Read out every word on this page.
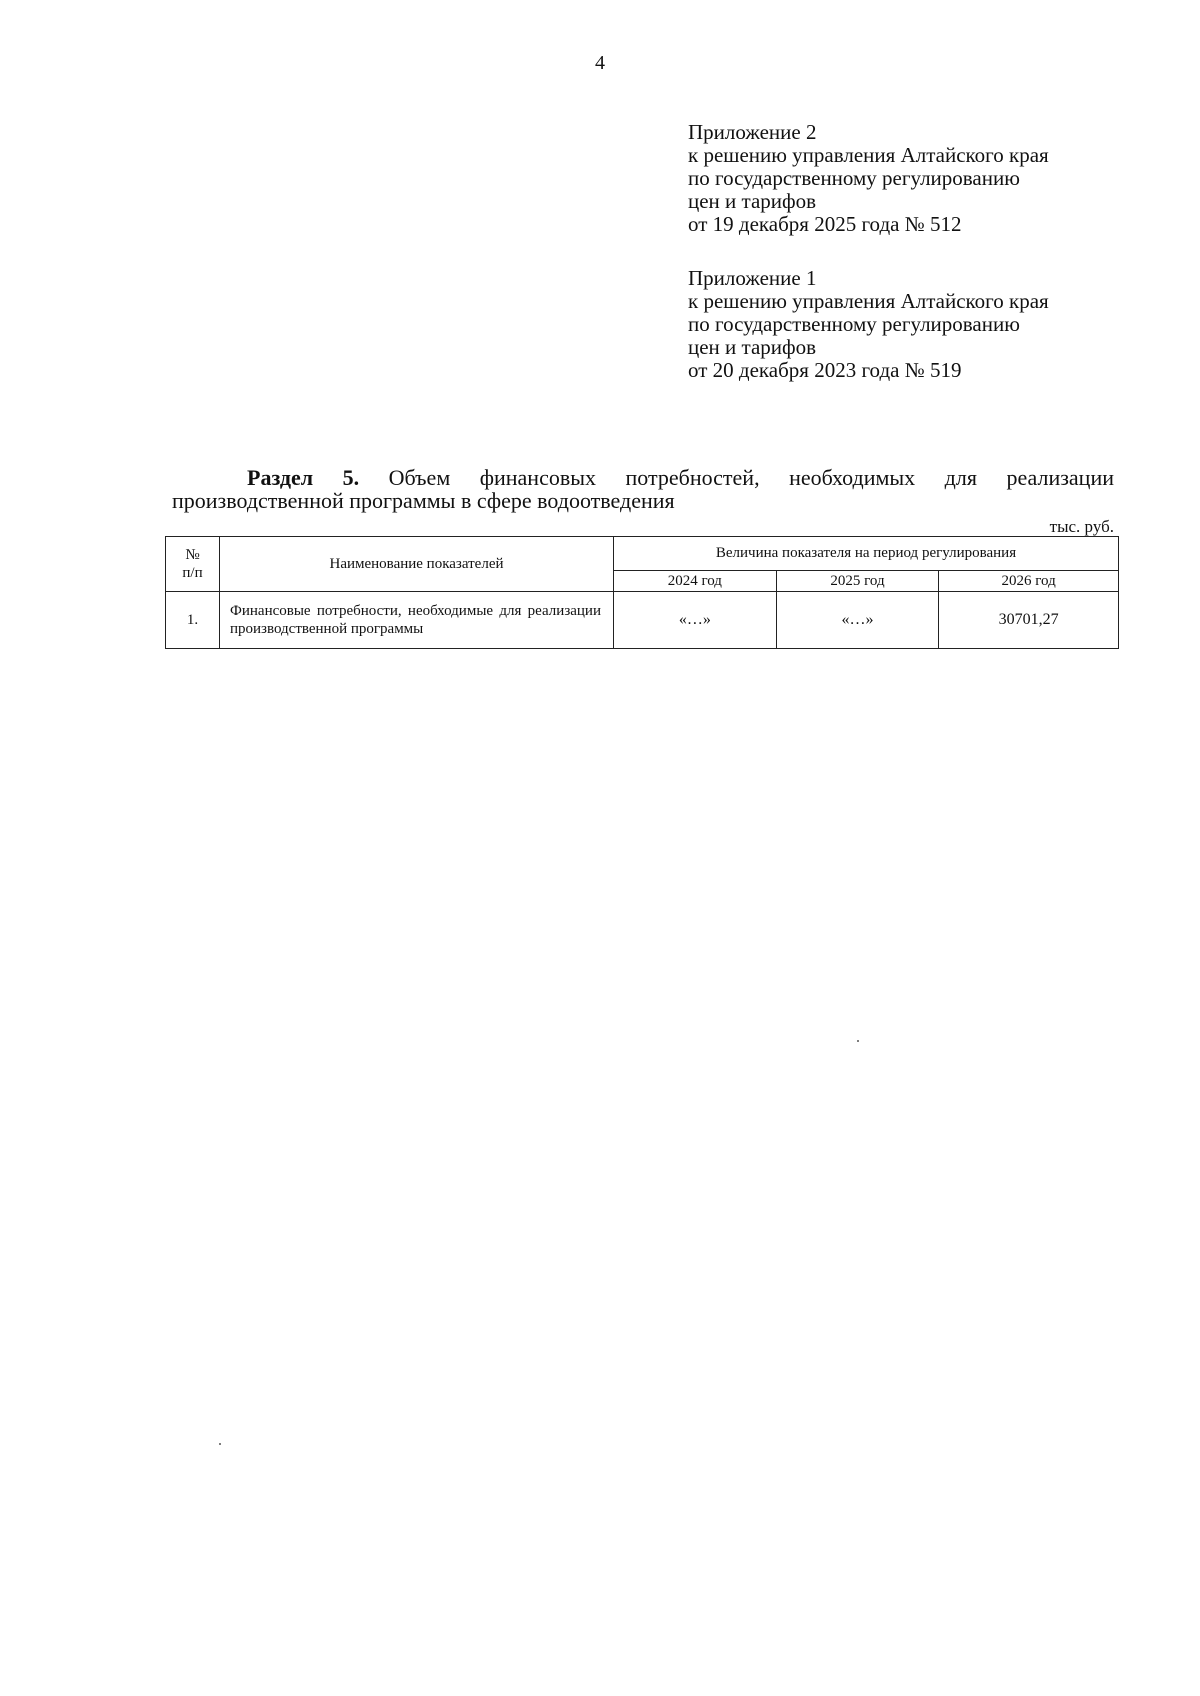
4
Приложение 2
к решению управления Алтайского края
по государственному регулированию
цен и тарифов
от 19 декабря 2025 года № 512
Приложение 1
к решению управления Алтайского края
по государственному регулированию
цен и тарифов
от 20 декабря 2023 года № 519
Раздел 5. Объем финансовых потребностей, необходимых для реализации
производственной программы в сфере водоотведения
тыс. руб.
№
п/п	Наименование показателей	Величина показателя на период регулирования		
		2024 год	2025 год	2026 год
1.	Финансовые потребности, необходимые для реализации производственной программы	«…»	«…»	30701,27
